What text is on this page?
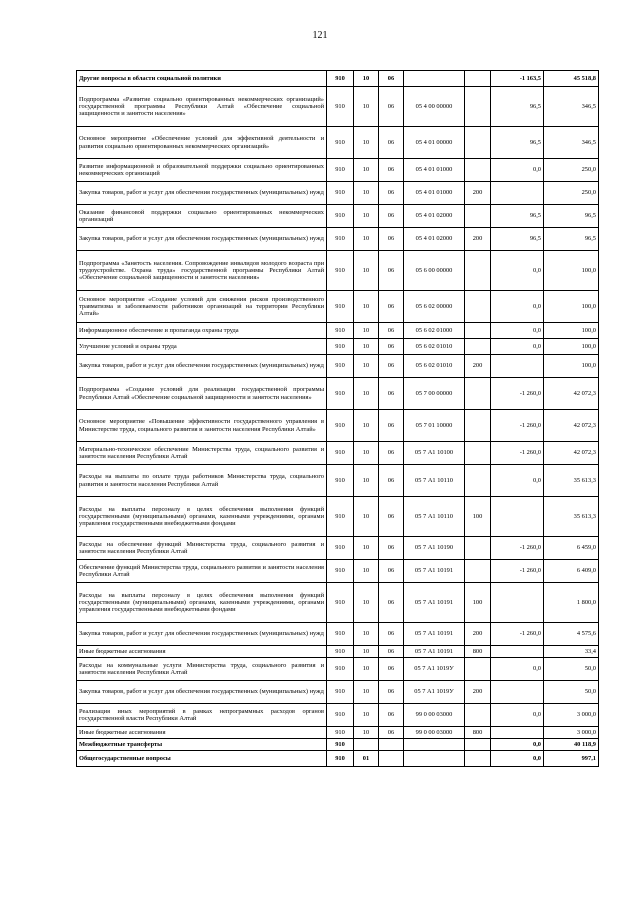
121
Другие вопросы в области социальной политики	910	10	06			-1 163,5	45 518,8
Подпрограмма «Развитие социально ориентированных некоммерческих организаций» государственной программы Республики Алтай «Обеспечение социальной защищенности и занятости населения»	910	10	06	05 4 00 00000		96,5	346,5
Основное мероприятие «Обеспечение условий для эффективной деятельности и развития социально ориентированных некоммерческих организаций»	910	10	06	05 4 01 00000		96,5	346,5
Развитие информационной и образовательной поддержки социально ориентированных некоммерческих организаций	910	10	06	05 4 01 01000		0,0	250,0
Закупка товаров, работ и услуг для обеспечения государственных (муниципальных) нужд	910	10	06	05 4 01 01000	200		250,0
Оказание финансовой поддержки социально ориентированных некоммерческих организаций	910	10	06	05 4 01 02000		96,5	96,5
Закупка товаров, работ и услуг для обеспечения государственных (муниципальных) нужд	910	10	06	05 4 01 02000	200	96,5	96,5
Подпрограмма «Занятость населения. Сопровождение инвалидов молодого возраста при трудоустройстве. Охрана труда» государственной программы Республики Алтай «Обеспечение социальной защищенности и занятости населения»	910	10	06	05 6 00 00000		0,0	100,0
Основное мероприятие «Создание условий для снижения рисков производственного травматизма и заболеваемости работников организаций на территории Республики Алтай»	910	10	06	05 6 02 00000		0,0	100,0
Информационное обеспечение и пропаганда охраны труда	910	10	06	05 6 02 01000		0,0	100,0
Улучшение условий и охраны труда	910	10	06	05 6 02 01010		0,0	100,0
Закупка товаров, работ и услуг для обеспечения государственных (муниципальных) нужд	910	10	06	05 6 02 01010	200		100,0
Подпрограмма «Создание условий для реализации государственной программы Республики Алтай «Обеспечение социальной защищенности и занятости населения»	910	10	06	05 7 00 00000		-1 260,0	42 072,3
Основное мероприятие «Повышение эффективности государственного управления в Министерстве труда, социального развития и занятости населения Республики Алтай»	910	10	06	05 7 01 10000		-1 260,0	42 072,3
Материально-техническое обеспечение Министерства труда, социального развития и занятости населения Республики Алтай	910	10	06	05 7 А1 10100		-1 260,0	42 072,3
Расходы на выплаты по оплате труда работников Министерства труда, социального развития и занятости населения Республики Алтай	910	10	06	05 7 А1 10110		0,0	35 613,3
Расходы на выплаты персоналу в целях обеспечения выполнения функций государственными (муниципальными) органами, казенными учреждениями, органами управления государственными внебюджетными фондами	910	10	06	05 7 А1 10110	100		35 613,3
Расходы на обеспечение функций Министерства труда, социального развития и занятости населения Республики Алтай	910	10	06	05 7 А1 10190		-1 260,0	6 459,0
Обеспечение функций Министерства труда, социального развития и занятости населения Республики Алтай	910	10	06	05 7 А1 10191		-1 260,0	6 409,0
Расходы на выплаты персоналу в целях обеспечения выполнения функций государственными (муниципальными) органами, казенными учреждениями, органами управления государственными внебюджетными фондами	910	10	06	05 7 А1 10191	100		1 800,0
Закупка товаров, работ и услуг для обеспечения государственных (муниципальных) нужд	910	10	06	05 7 А1 10191	200	-1 260,0	4 575,6
Иные бюджетные ассигнования	910	10	06	05 7 А1 10191	800		33,4
Расходы на коммунальные услуги Министерства труда, социального развития и занятости населения Республики Алтай	910	10	06	05 7 А1 1019У		0,0	50,0
Закупка товаров, работ и услуг для обеспечения государственных (муниципальных) нужд	910	10	06	05 7 А1 1019У	200		50,0
Реализация иных мероприятий в рамках непрограммных расходов органов государственной власти Республики Алтай	910	10	06	99 0 00 03000		0,0	3 000,0
Иные бюджетные ассигнования	910	10	06	99 0 00 03000	800		3 000,0
Межбюджетные трансферты	910					0,0	40 118,9
Общегосударственные вопросы	910	01				0,0	997,1
